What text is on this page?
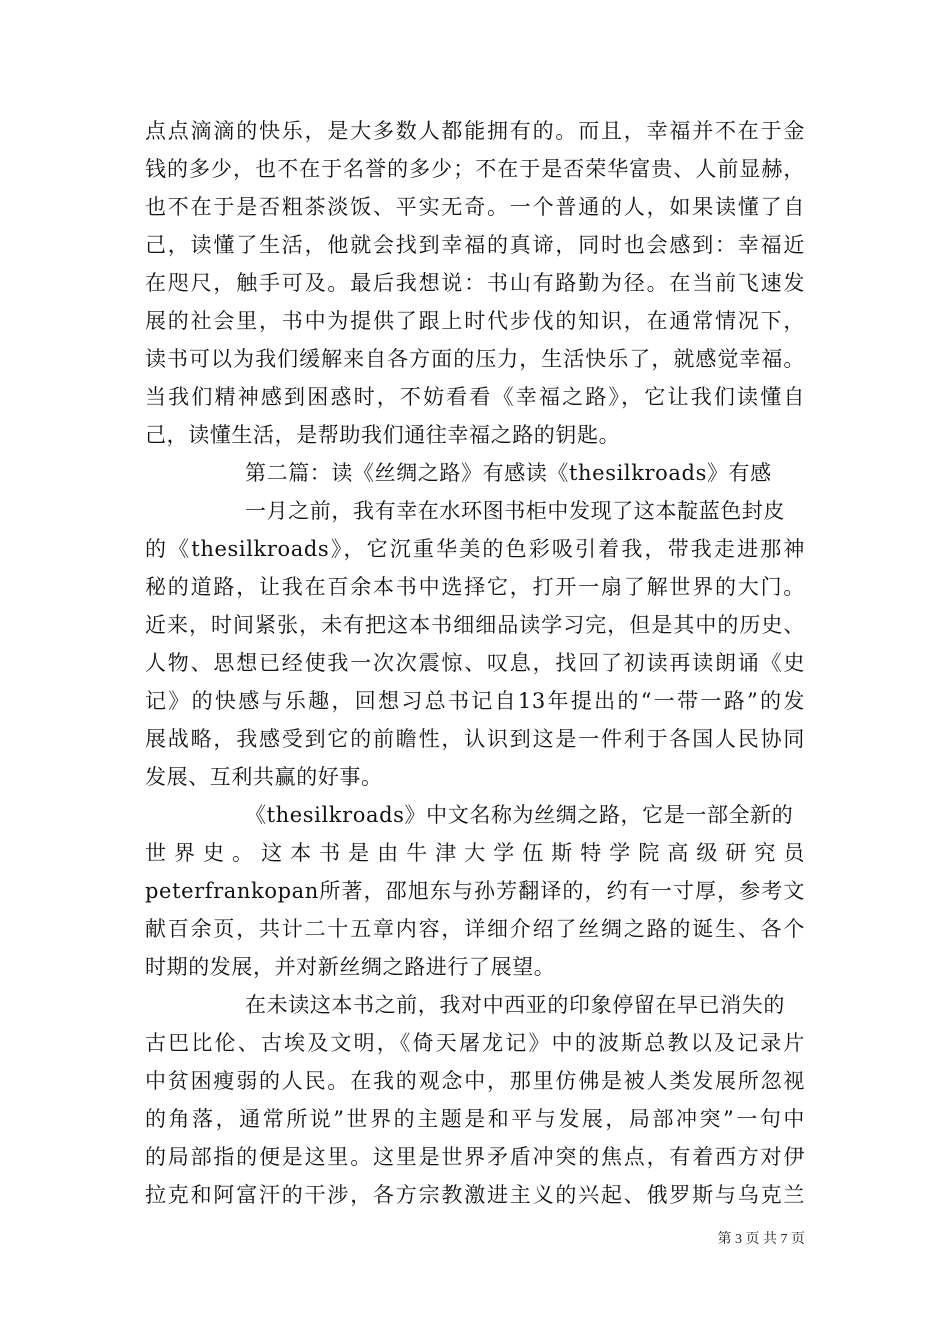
点点滴滴的快乐，是大多数人都能拥有的。而且，幸福并不在于金
钱的多少，也不在于名誉的多少；不在于是否荣华富贵、人前显赫，
也不在于是否粗茶淡饭、平实无奇。一个普通的人，如果读懂了自
己，读懂了生活，他就会找到幸福的真谛，同时也会感到：幸福近
在咫尺，触手可及。最后我想说：书山有路勤为径。在当前飞速发
展的社会里，书中为提供了跟上时代步伐的知识，在通常情况下，
读书可以为我们缓解来自各方面的压力，生活快乐了，就感觉幸福。
当我们精神感到困惑时，不妨看看《幸福之路》，它让我们读懂自
己，读懂生活，是帮助我们通往幸福之路的钥匙。
第二篇：读《丝绸之路》有感读《thesilkroads》有感
一月之前，我有幸在水环图书柜中发现了这本靛蓝色封皮
的《thesilkroads》，它沉重华美的色彩吸引着我，带我走进那神
秘的道路，让我在百余本书中选择它，打开一扇了解世界的大门。
近来，时间紧张，未有把这本书细细品读学习完，但是其中的历史、
人物、思想已经使我一次次震惊、叹息，找回了初读再读朗诵《史
记》的快感与乐趣，回想习总书记自13年提出的“一带一路”的发
展战略，我感受到它的前瞻性，认识到这是一件利于各国人民协同
发展、互利共赢的好事。
《thesilkroads》中文名称为丝绸之路，它是一部全新的
世界史。这本书是由牛津大学伍斯特学院高级研究员
peterfrankopan所著，邵旭东与孙芳翻译的，约有一寸厚，参考文
献百余页，共计二十五章内容，详细介绍了丝绸之路的诞生、各个
时期的发展，并对新丝绸之路进行了展望。
在未读这本书之前，我对中西亚的印象停留在早已消失的
古巴比伦、古埃及文明，《倚天屠龙记》中的波斯总教以及记录片
中贫困瘦弱的人民。在我的观念中，那里仿佛是被人类发展所忽视
的角落，通常所说”世界的主题是和平与发展，局部冲突”一句中
的局部指的便是这里。这里是世界矛盾冲突的焦点，有着西方对伊
拉克和阿富汗的干涉，各方宗教激进主义的兴起、俄罗斯与乌克兰
第 3 页 共 7 页
